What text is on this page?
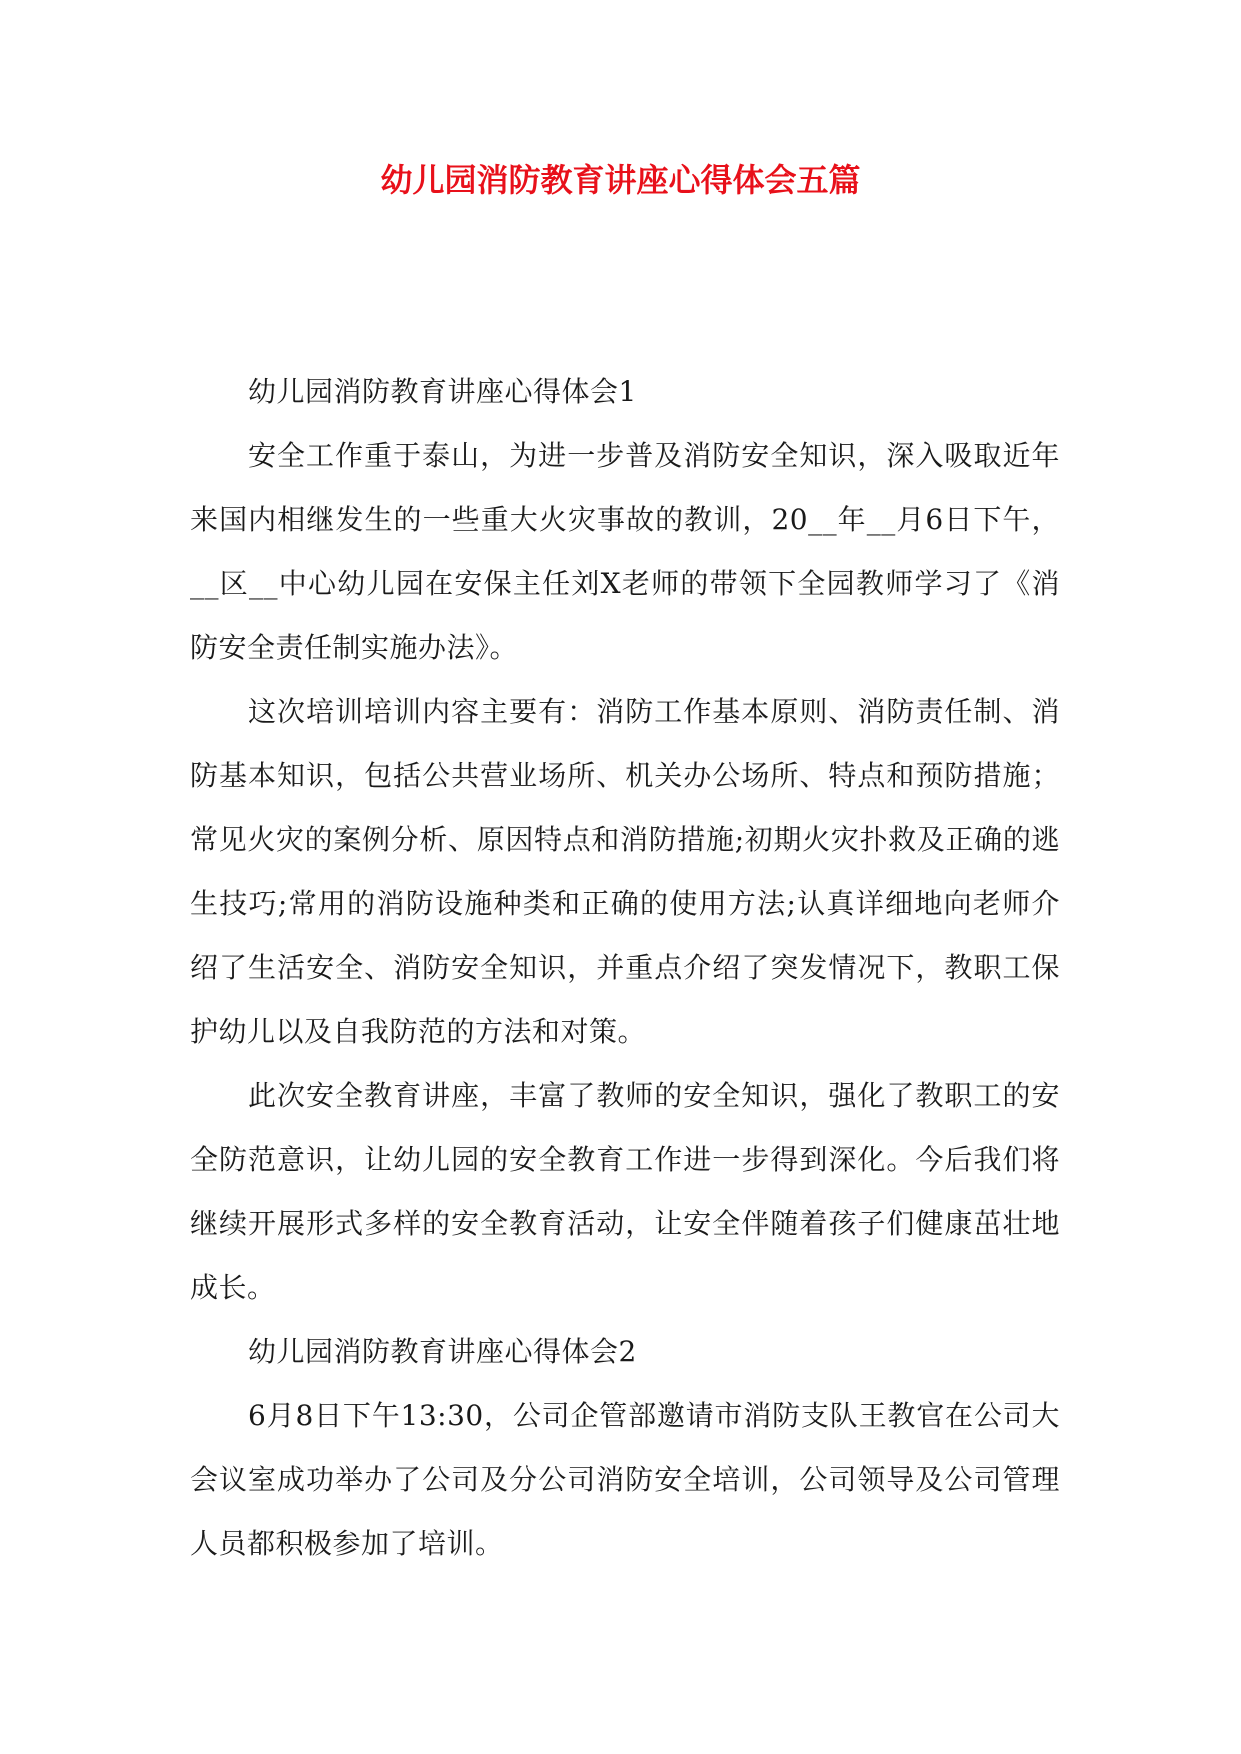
幼儿园消防教育讲座心得体会五篇

幼儿园消防教育讲座心得体会1

安全工作重于泰山，为进一步普及消防安全知识，深入吸取近年来国内相继发生的一些重大火灾事故的教训，20__年__月6日下午，__区__中心幼儿园在安保主任刘X老师的带领下全园教师学习了《消防安全责任制实施办法》。

这次培训培训内容主要有：消防工作基本原则、消防责任制、消防基本知识，包括公共营业场所、机关办公场所、特点和预防措施；常见火灾的案例分析、原因特点和消防措施;初期火灾扑救及正确的逃生技巧;常用的消防设施种类和正确的使用方法;认真详细地向老师介绍了生活安全、消防安全知识，并重点介绍了突发情况下，教职工保护幼儿以及自我防范的方法和对策。

此次安全教育讲座，丰富了教师的安全知识，强化了教职工的安全防范意识，让幼儿园的安全教育工作进一步得到深化。今后我们将继续开展形式多样的安全教育活动，让安全伴随着孩子们健康茁壮地成长。

幼儿园消防教育讲座心得体会2

6月8日下午13:30，公司企管部邀请市消防支队王教官在公司大会议室成功举办了公司及分公司消防安全培训，公司领导及公司管理人员都积极参加了培训。
